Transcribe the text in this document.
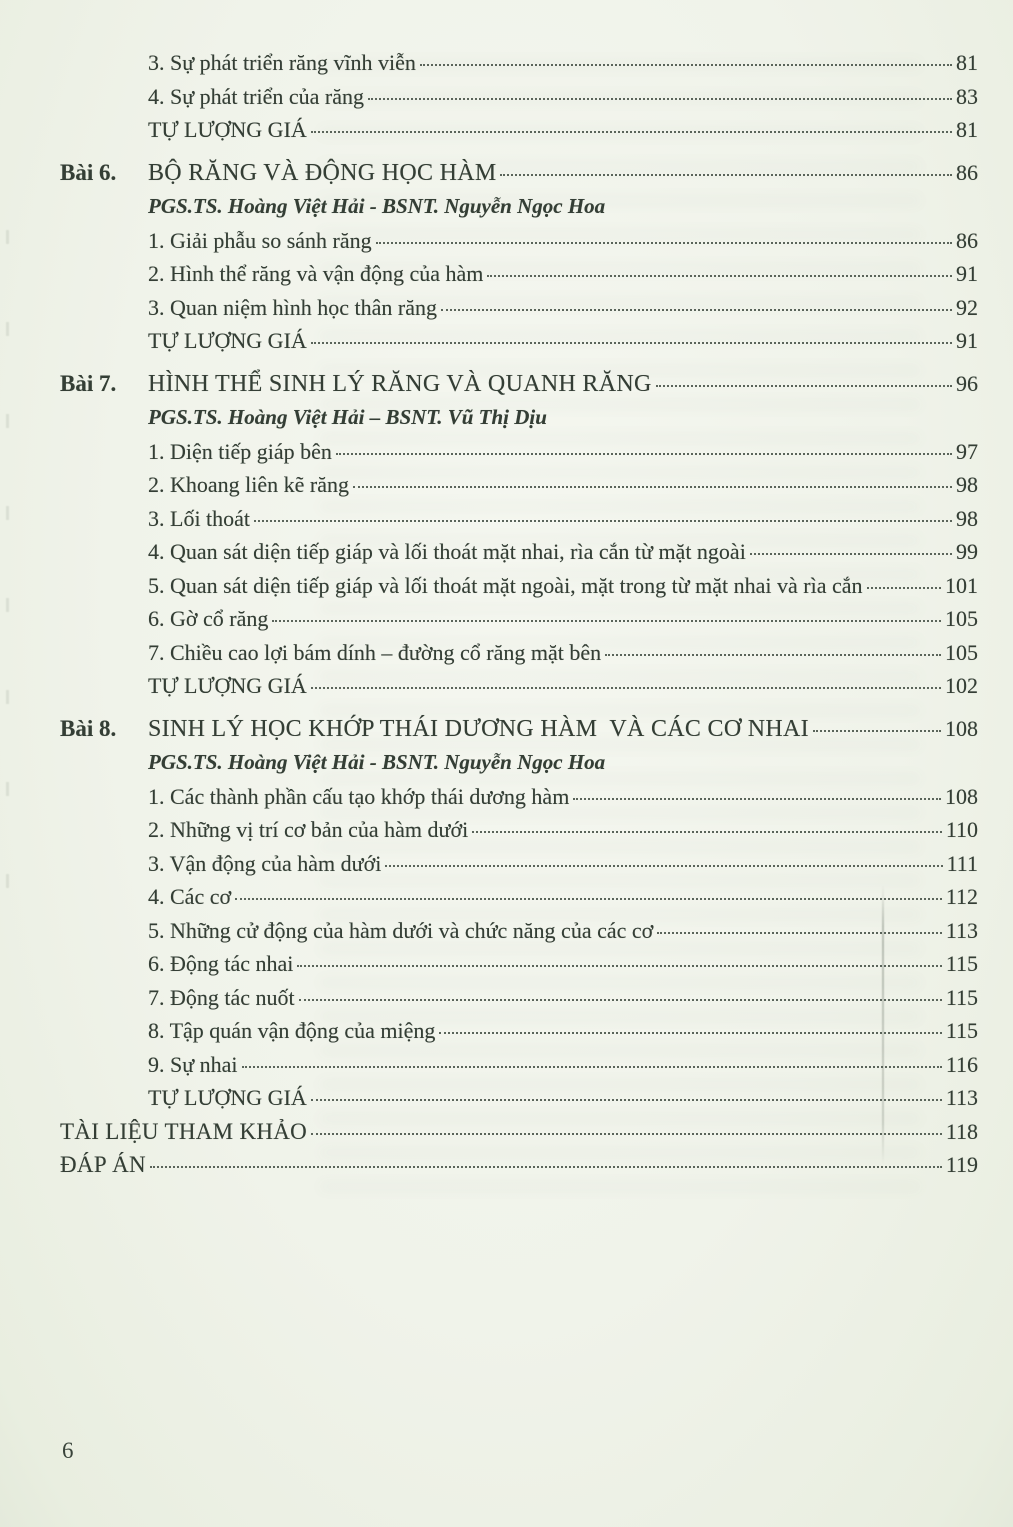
3. Sự phát triển răng vĩnh viễn	81
4. Sự phát triển của răng	83
TỰ LƯỢNG GIÁ	81
Bài 6.	BỘ RĂNG VÀ ĐỘNG HỌC HÀM	86
PGS.TS. Hoàng Việt Hải - BSNT. Nguyễn Ngọc Hoa
1. Giải phẫu so sánh răng	86
2. Hình thể răng và vận động của hàm	91
3. Quan niệm hình học thân răng	92
TỰ LƯỢNG GIÁ	91
Bài 7.	HÌNH THỂ SINH LÝ RĂNG VÀ QUANH RĂNG	96
PGS.TS. Hoàng Việt Hải – BSNT. Vũ Thị Dịu
1. Diện tiếp giáp bên	97
2. Khoang liên kẽ răng	98
3. Lối thoát	98
4. Quan sát diện tiếp giáp và lối thoát mặt nhai, rìa cắn từ mặt ngoài	99
5. Quan sát diện tiếp giáp và lối thoát mặt ngoài, mặt trong từ mặt nhai và rìa cắn	101
6. Gờ cổ răng	105
7. Chiều cao lợi bám dính – đường cổ răng mặt bên	105
TỰ LƯỢNG GIÁ	102
Bài 8.	SINH LÝ HỌC KHỚP THÁI DƯƠNG HÀM  VÀ CÁC CƠ NHAI	108
PGS.TS. Hoàng Việt Hải - BSNT. Nguyễn Ngọc Hoa
1. Các thành phần cấu tạo khớp thái dương hàm	108
2. Những vị trí cơ bản của hàm dưới	110
3. Vận động của hàm dưới	111
4. Các cơ	112
5. Những cử động của hàm dưới và chức năng của các cơ	113
6. Động tác nhai	115
7. Động tác nuốt	115
8. Tập quán vận động của miệng	115
9. Sự nhai	116
TỰ LƯỢNG GIÁ	113
TÀI LIỆU THAM KHẢO	118
ĐÁP ÁN	119
6
